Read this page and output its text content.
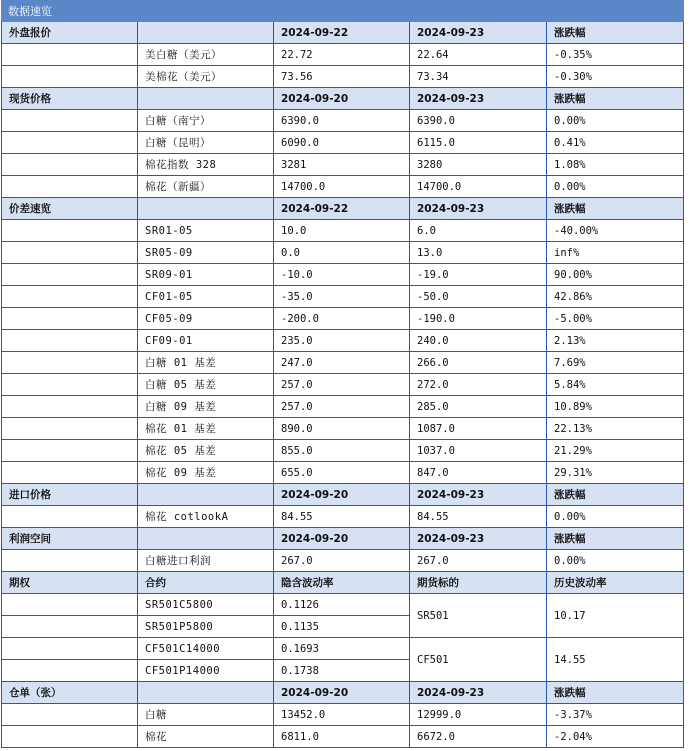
数据速览				
外盘报价		2024-09-22	2024-09-23	涨跌幅
	美白糖（美元）	22.72	22.64	-0.35%
	美棉花（美元）	73.56	73.34	-0.30%
现货价格		2024-09-20	2024-09-23	涨跌幅
	白糖（南宁）	6390.0	6390.0	0.00%
	白糖（昆明）	6090.0	6115.0	0.41%
	棉花指数 328	3281	3280	1.08%
	棉花（新疆）	14700.0	14700.0	0.00%
价差速览		2024-09-22	2024-09-23	涨跌幅
	SR01-05	10.0	6.0	-40.00%
	SR05-09	0.0	13.0	inf%
	SR09-01	-10.0	-19.0	90.00%
	CF01-05	-35.0	-50.0	42.86%
	CF05-09	-200.0	-190.0	-5.00%
	CF09-01	235.0	240.0	2.13%
	白糖 01 基差	247.0	266.0	7.69%
	白糖 05 基差	257.0	272.0	5.84%
	白糖 09 基差	257.0	285.0	10.89%
	棉花 01 基差	890.0	1087.0	22.13%
	棉花 05 基差	855.0	1037.0	21.29%
	棉花 09 基差	655.0	847.0	29.31%
进口价格		2024-09-20	2024-09-23	涨跌幅
	棉花 cotlookA	84.55	84.55	0.00%
利润空间		2024-09-20	2024-09-23	涨跌幅
	白糖进口利润	267.0	267.0	0.00%
期权	合约	隐含波动率	期货标的	历史波动率
	SR501C5800	0.1126	SR501	10.17
	SR501P5800	0.1135		
	CF501C14000	0.1693	CF501	14.55
	CF501P14000	0.1738		
仓单（张）		2024-09-20	2024-09-23	涨跌幅
	白糖	13452.0	12999.0	-3.37%
	棉花	6811.0	6672.0	-2.04%
